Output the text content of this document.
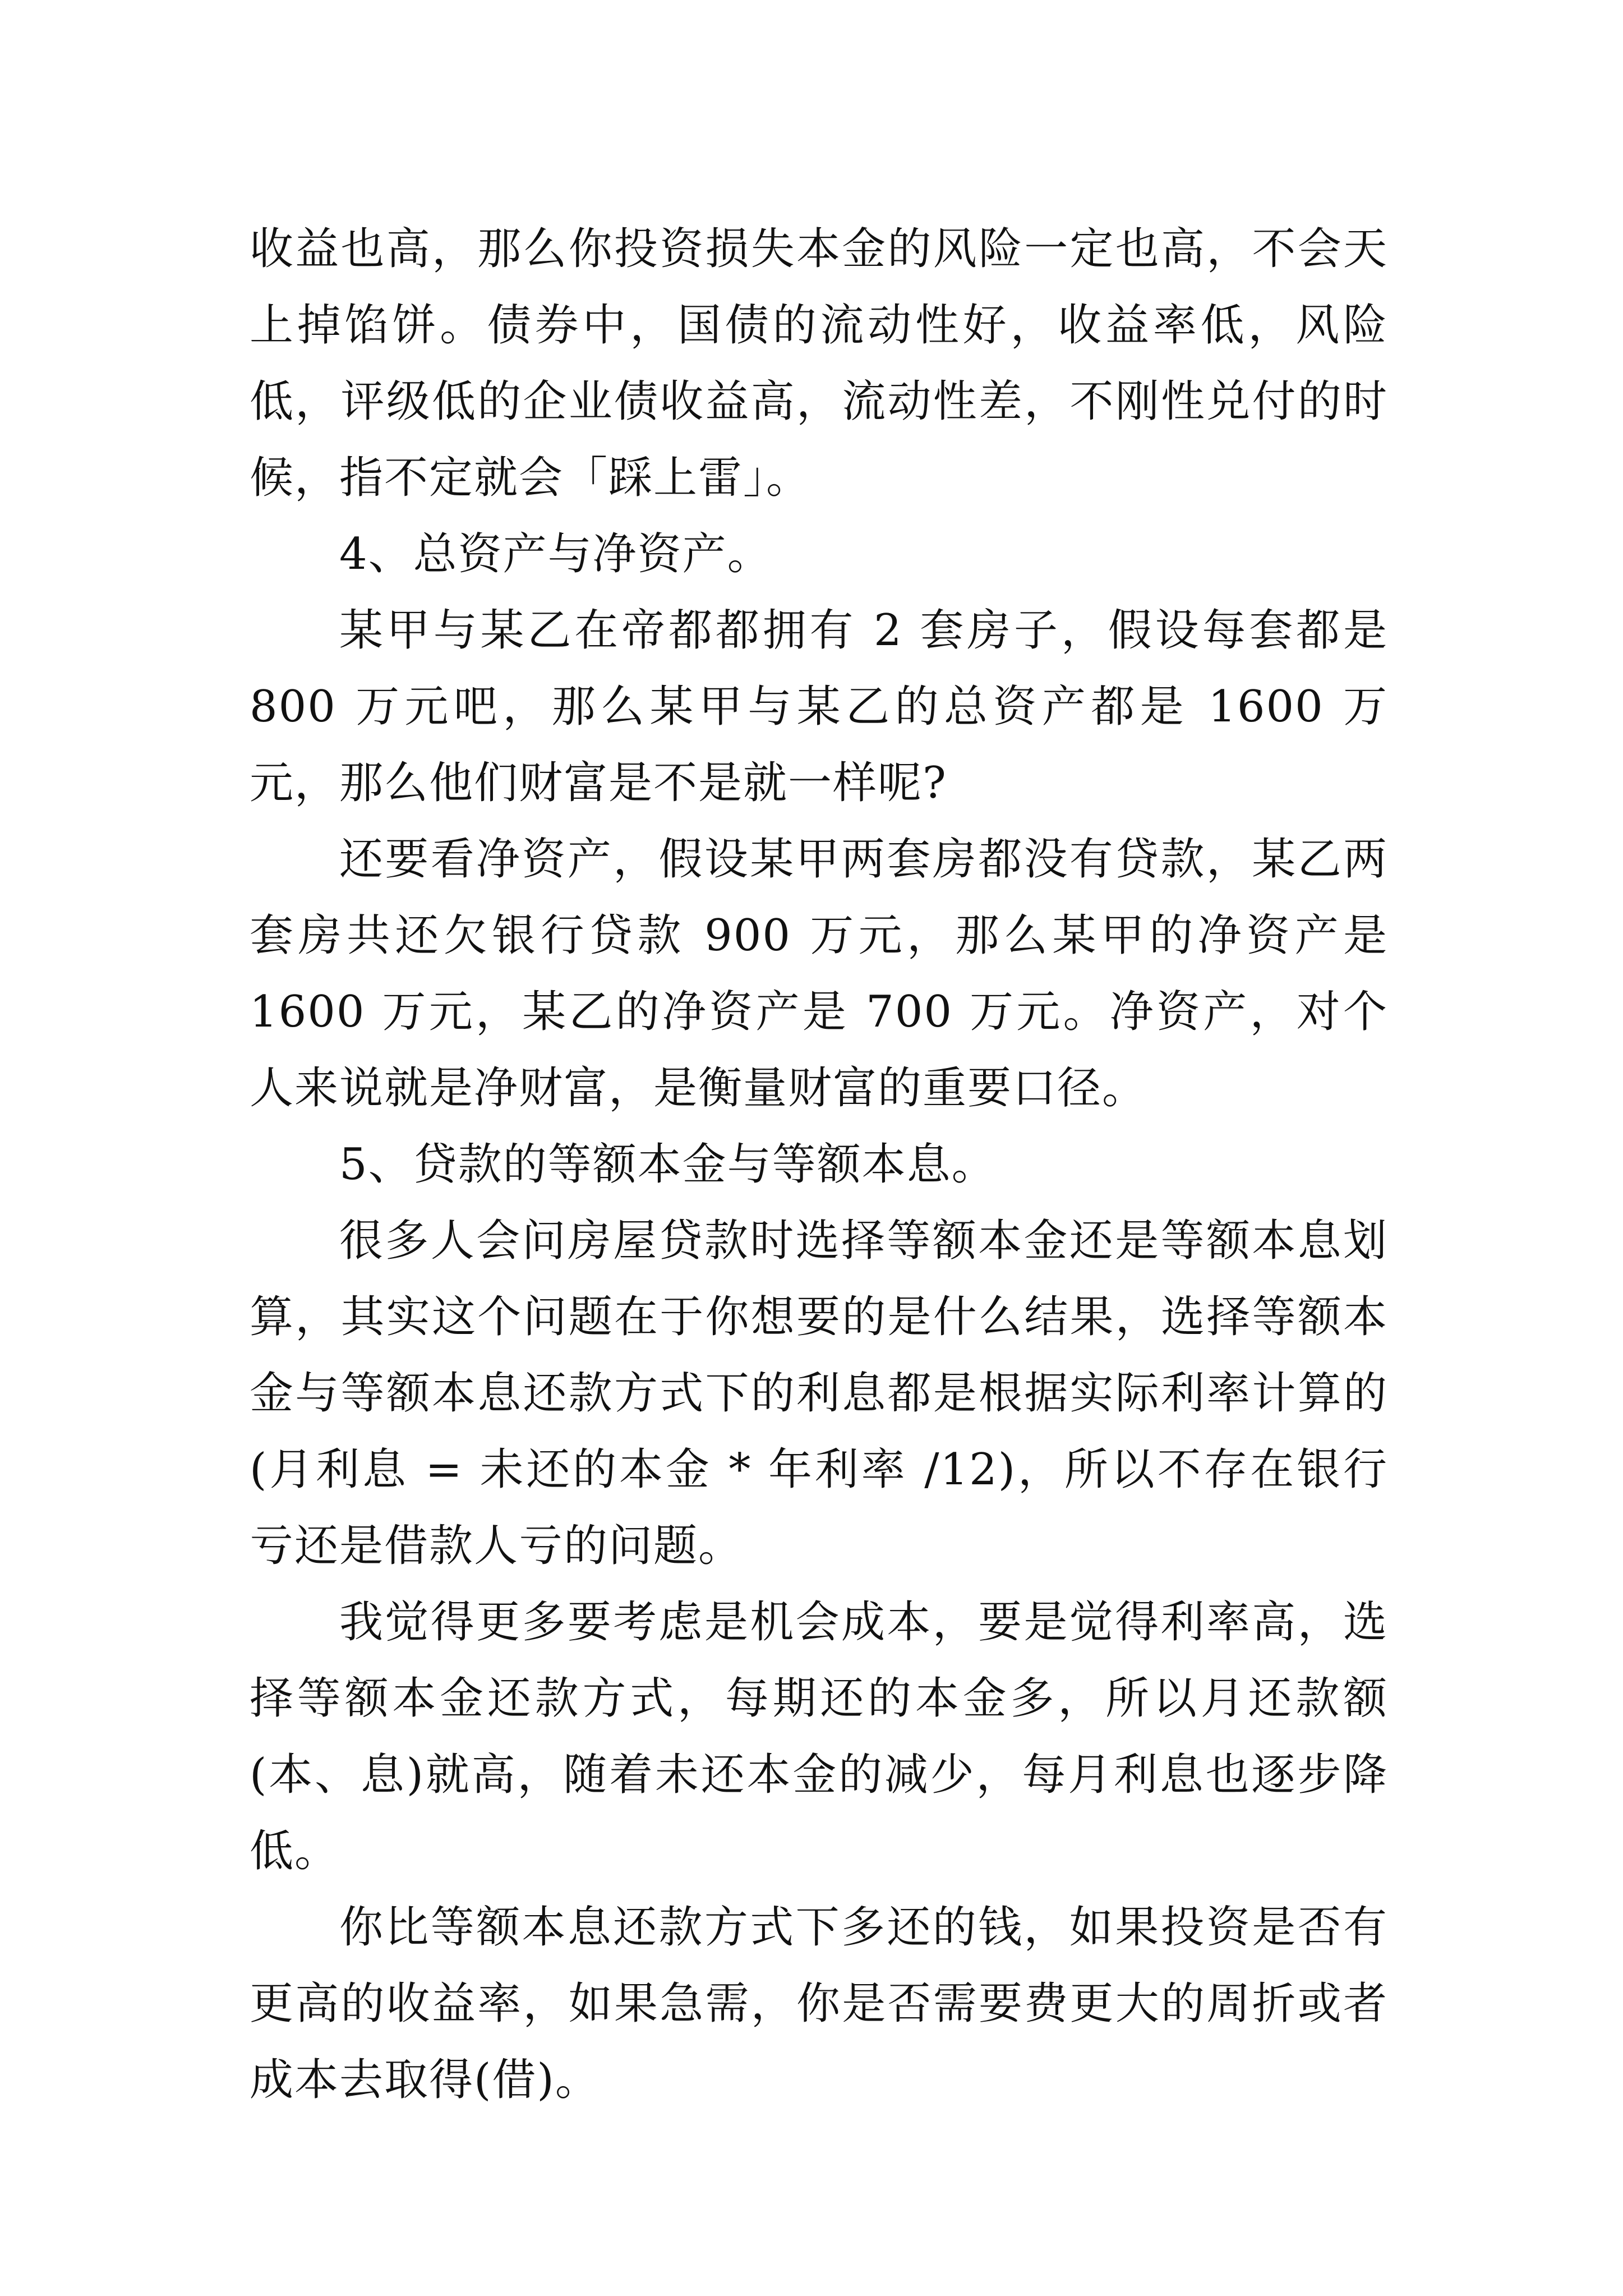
收益也高，那么你投资损失本金的风险一定也高，不会天上掉馅饼。债券中，国债的流动性好，收益率低，风险低，评级低的企业债收益高，流动性差，不刚性兑付的时候，指不定就会「踩上雷」。

4、总资产与净资产。

某甲与某乙在帝都都拥有 2 套房子，假设每套都是 800 万元吧，那么某甲与某乙的总资产都是 1600 万元，那么他们财富是不是就一样呢?

还要看净资产，假设某甲两套房都没有贷款，某乙两套房共还欠银行贷款 900 万元，那么某甲的净资产是 1600 万元，某乙的净资产是 700 万元。净资产，对个人来说就是净财富，是衡量财富的重要口径。

5、贷款的等额本金与等额本息。

很多人会问房屋贷款时选择等额本金还是等额本息划算，其实这个问题在于你想要的是什么结果，选择等额本金与等额本息还款方式下的利息都是根据实际利率计算的(月利息 = 未还的本金 * 年利率 /12)，所以不存在银行亏还是借款人亏的问题。

我觉得更多要考虑是机会成本，要是觉得利率高，选择等额本金还款方式，每期还的本金多，所以月还款额(本、息)就高，随着未还本金的减少，每月利息也逐步降低。

你比等额本息还款方式下多还的钱，如果投资是否有更高的收益率，如果急需，你是否需要费更大的周折或者成本去取得(借)。
